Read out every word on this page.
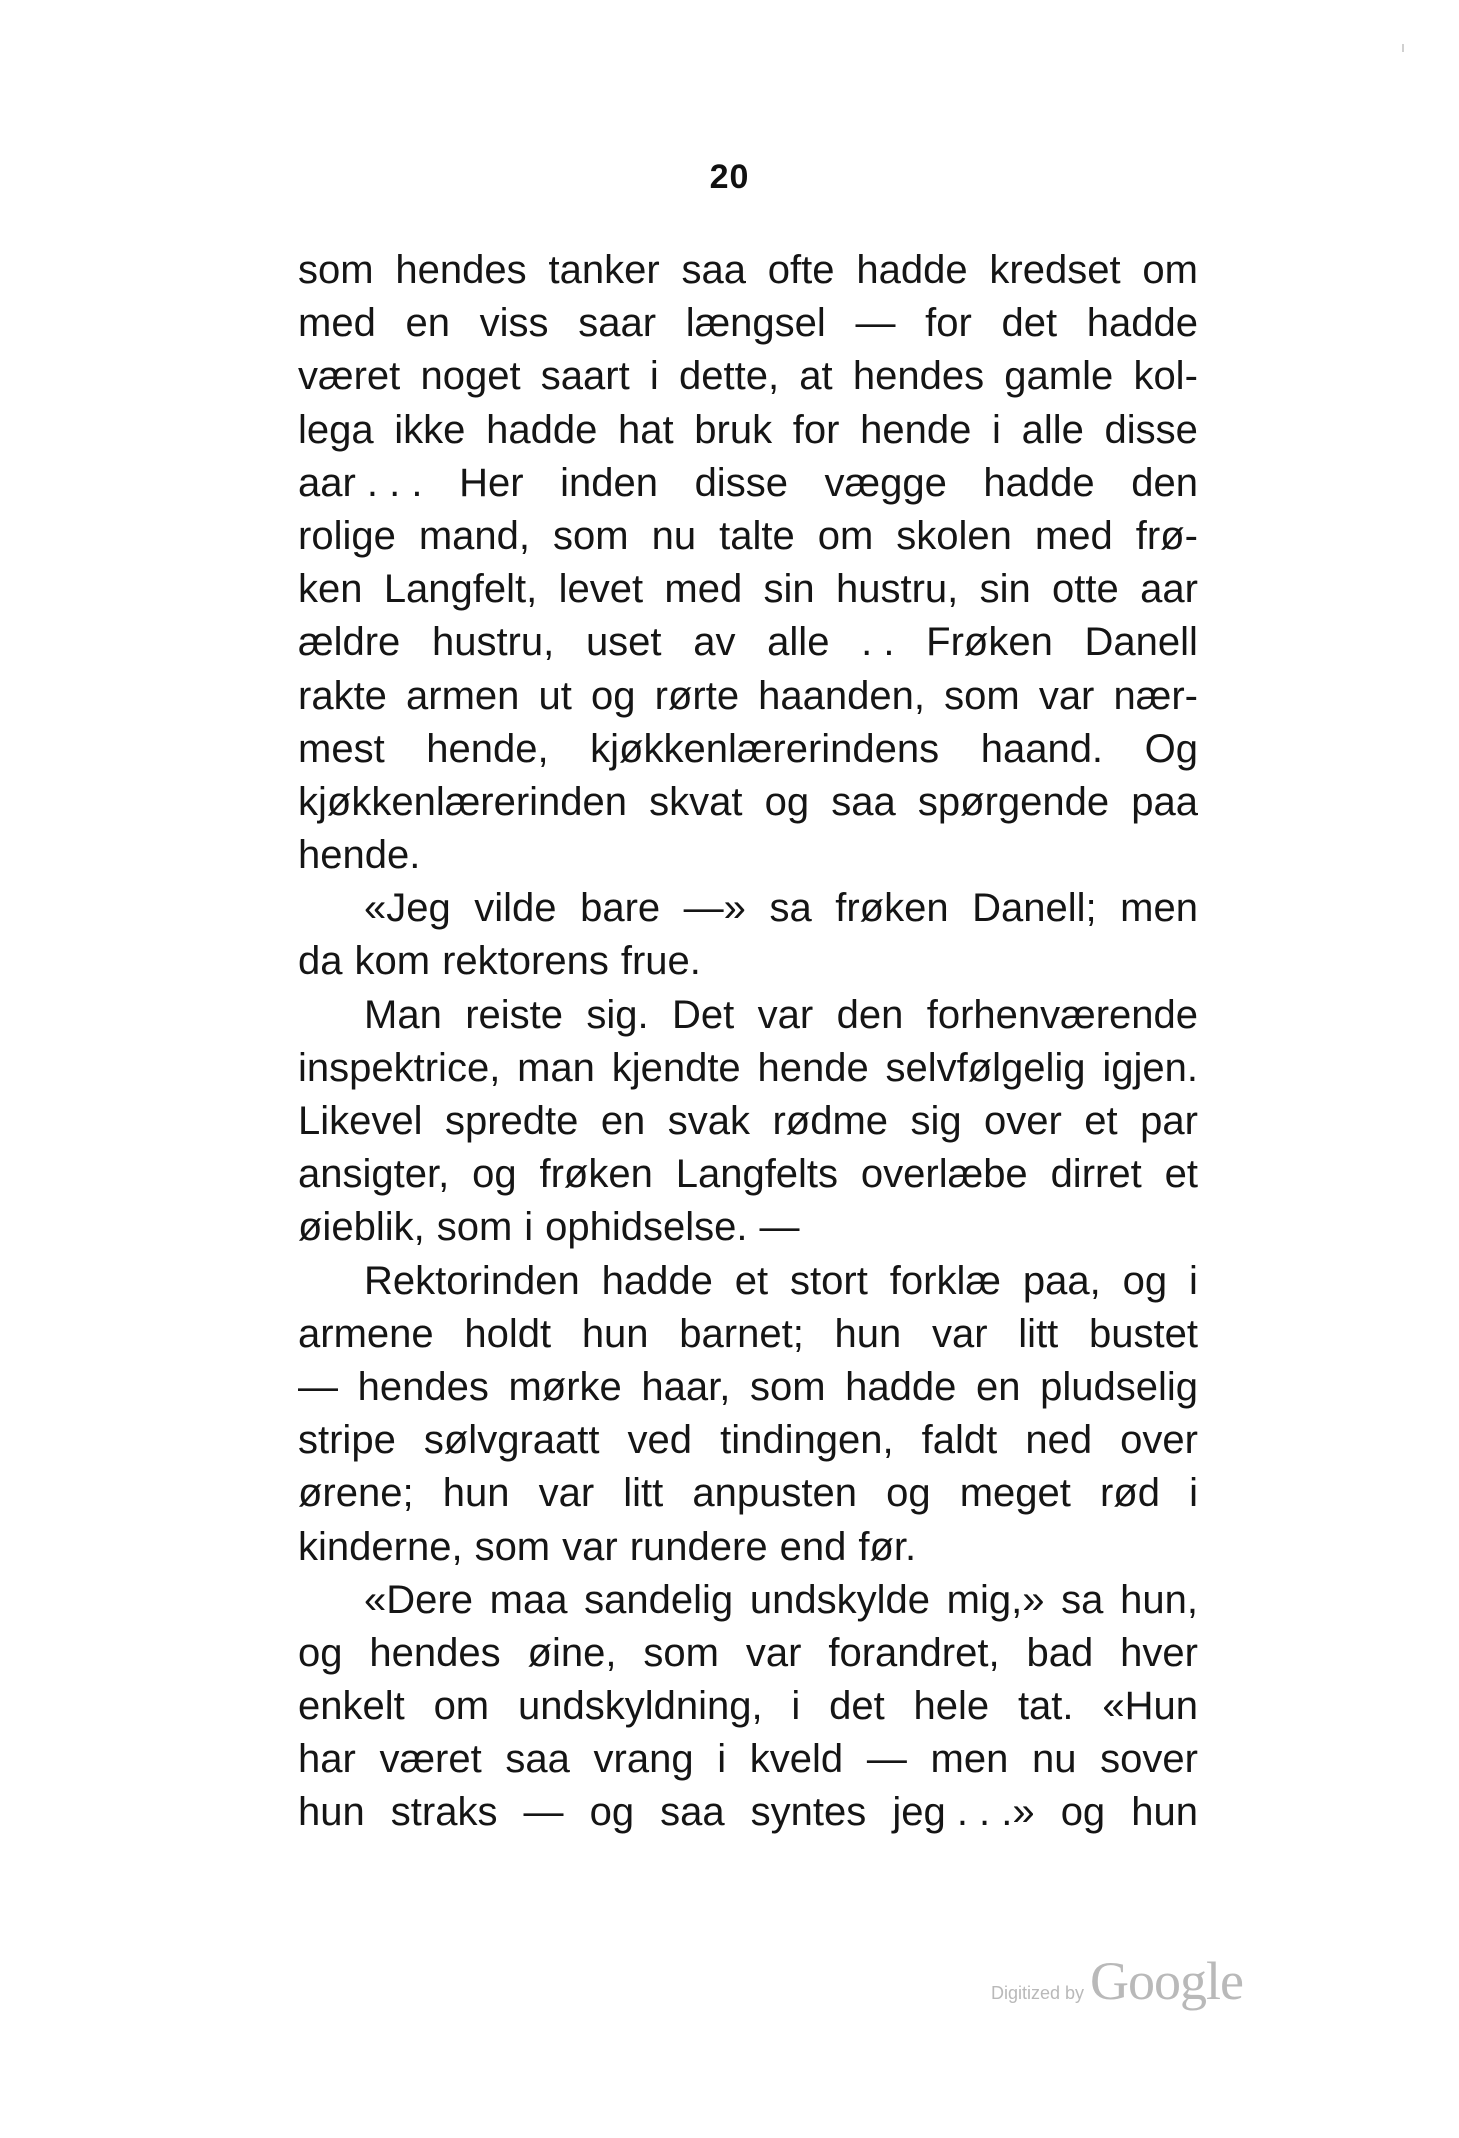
20
som hendes tanker saa ofte hadde kredset om
med en viss saar længsel — for det hadde
været noget saart i dette, at hendes gamle kol-
lega ikke hadde hat bruk for hende i alle disse
aar . . . Her inden disse vægge hadde den
rolige mand, som nu talte om skolen med frø-
ken Langfelt, levet med sin hustru, sin otte aar
ældre hustru, uset av alle . . Frøken Danell
rakte armen ut og rørte haanden, som var nær-
mest hende, kjøkkenlærerindens haand. Og
kjøkkenlærerinden skvat og saa spørgende paa
hende.
«Jeg vilde bare —» sa frøken Danell; men
da kom rektorens frue.
Man reiste sig. Det var den forhenværende
inspektrice, man kjendte hende selvfølgelig igjen.
Likevel spredte en svak rødme sig over et par
ansigter, og frøken Langfelts overlæbe dirret et
øieblik, som i ophidselse. —
Rektorinden hadde et stort forklæ paa, og i
armene holdt hun barnet; hun var litt bustet
— hendes mørke haar, som hadde en pludselig
stripe sølvgraatt ved tindingen, faldt ned over
ørene; hun var litt anpusten og meget rød i
kinderne, som var rundere end før.
«Dere maa sandelig undskylde mig,» sa hun,
og hendes øine, som var forandret, bad hver
enkelt om undskyldning, i det hele tat. «Hun
har været saa vrang i kveld — men nu sover
hun straks — og saa syntes jeg . . .» og hun
Digitized by Google
